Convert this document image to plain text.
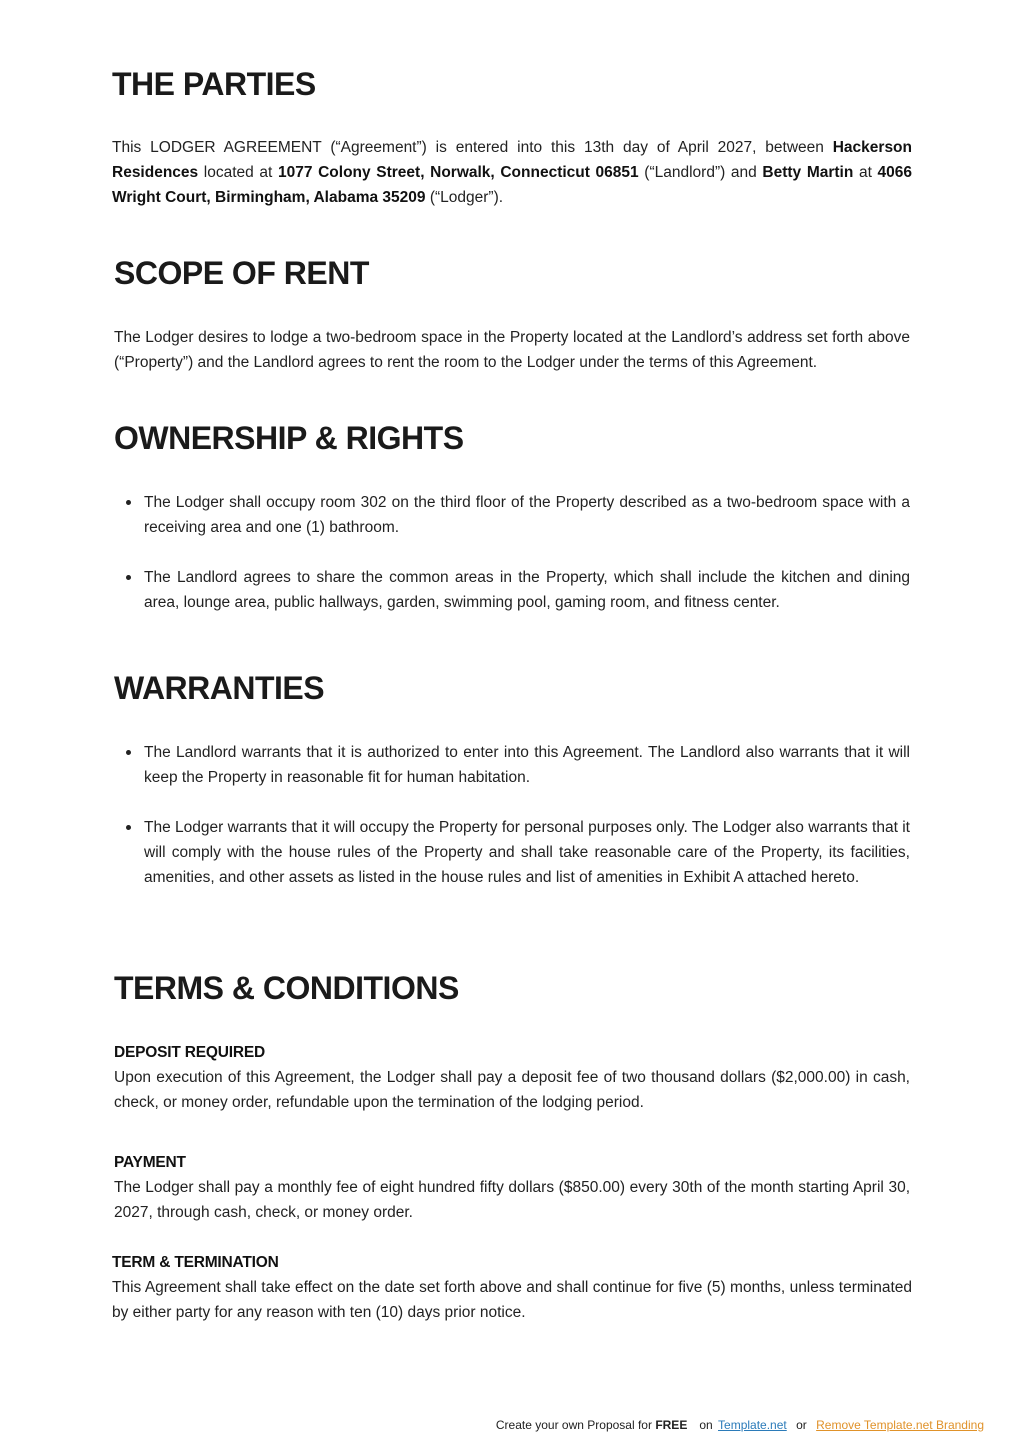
THE PARTIES

This LODGER AGREEMENT (“Agreement”) is entered into this 13th day of April 2027, between Hackerson Residences located at 1077 Colony Street, Norwalk, Connecticut 06851 (“Landlord”) and Betty Martin at 4066 Wright Court, Birmingham, Alabama 35209 (“Lodger”).

SCOPE OF RENT

The Lodger desires to lodge a two-bedroom space in the Property located at the Landlord’s address set forth above (“Property”) and the Landlord agrees to rent the room to the Lodger under the terms of this Agreement.

OWNERSHIP & RIGHTS
The Lodger shall occupy room 302 on the third floor of the Property described as a two-bedroom space with a receiving area and one (1) bathroom.
The Landlord agrees to share the common areas in the Property, which shall include the kitchen and dining area, lounge area, public hallways, garden, swimming pool, gaming room, and fitness center.
WARRANTIES
The Landlord warrants that it is authorized to enter into this Agreement. The Landlord also warrants that it will keep the Property in reasonable fit for human habitation.
The Lodger warrants that it will occupy the Property for personal purposes only. The Lodger also warrants that it will comply with the house rules of the Property and shall take reasonable care of the Property, its facilities, amenities, and other assets as listed in the house rules and list of amenities in Exhibit A attached hereto.
TERMS & CONDITIONS
DEPOSIT REQUIRED

Upon execution of this Agreement, the Lodger shall pay a deposit fee of two thousand dollars ($2,000.00) in cash, check, or money order, refundable upon the termination of the lodging period.

PAYMENT

The Lodger shall pay a monthly fee of eight hundred fifty dollars ($850.00) every 30th of the month starting April 30, 2027, through cash, check, or money order.

TERM & TERMINATION

This Agreement shall take effect on the date set forth above and shall continue for five (5) months, unless terminated by either party for any reason with ten (10) days prior notice.

Create your own Proposal for FREE on Template.net or Remove Template.net Branding
